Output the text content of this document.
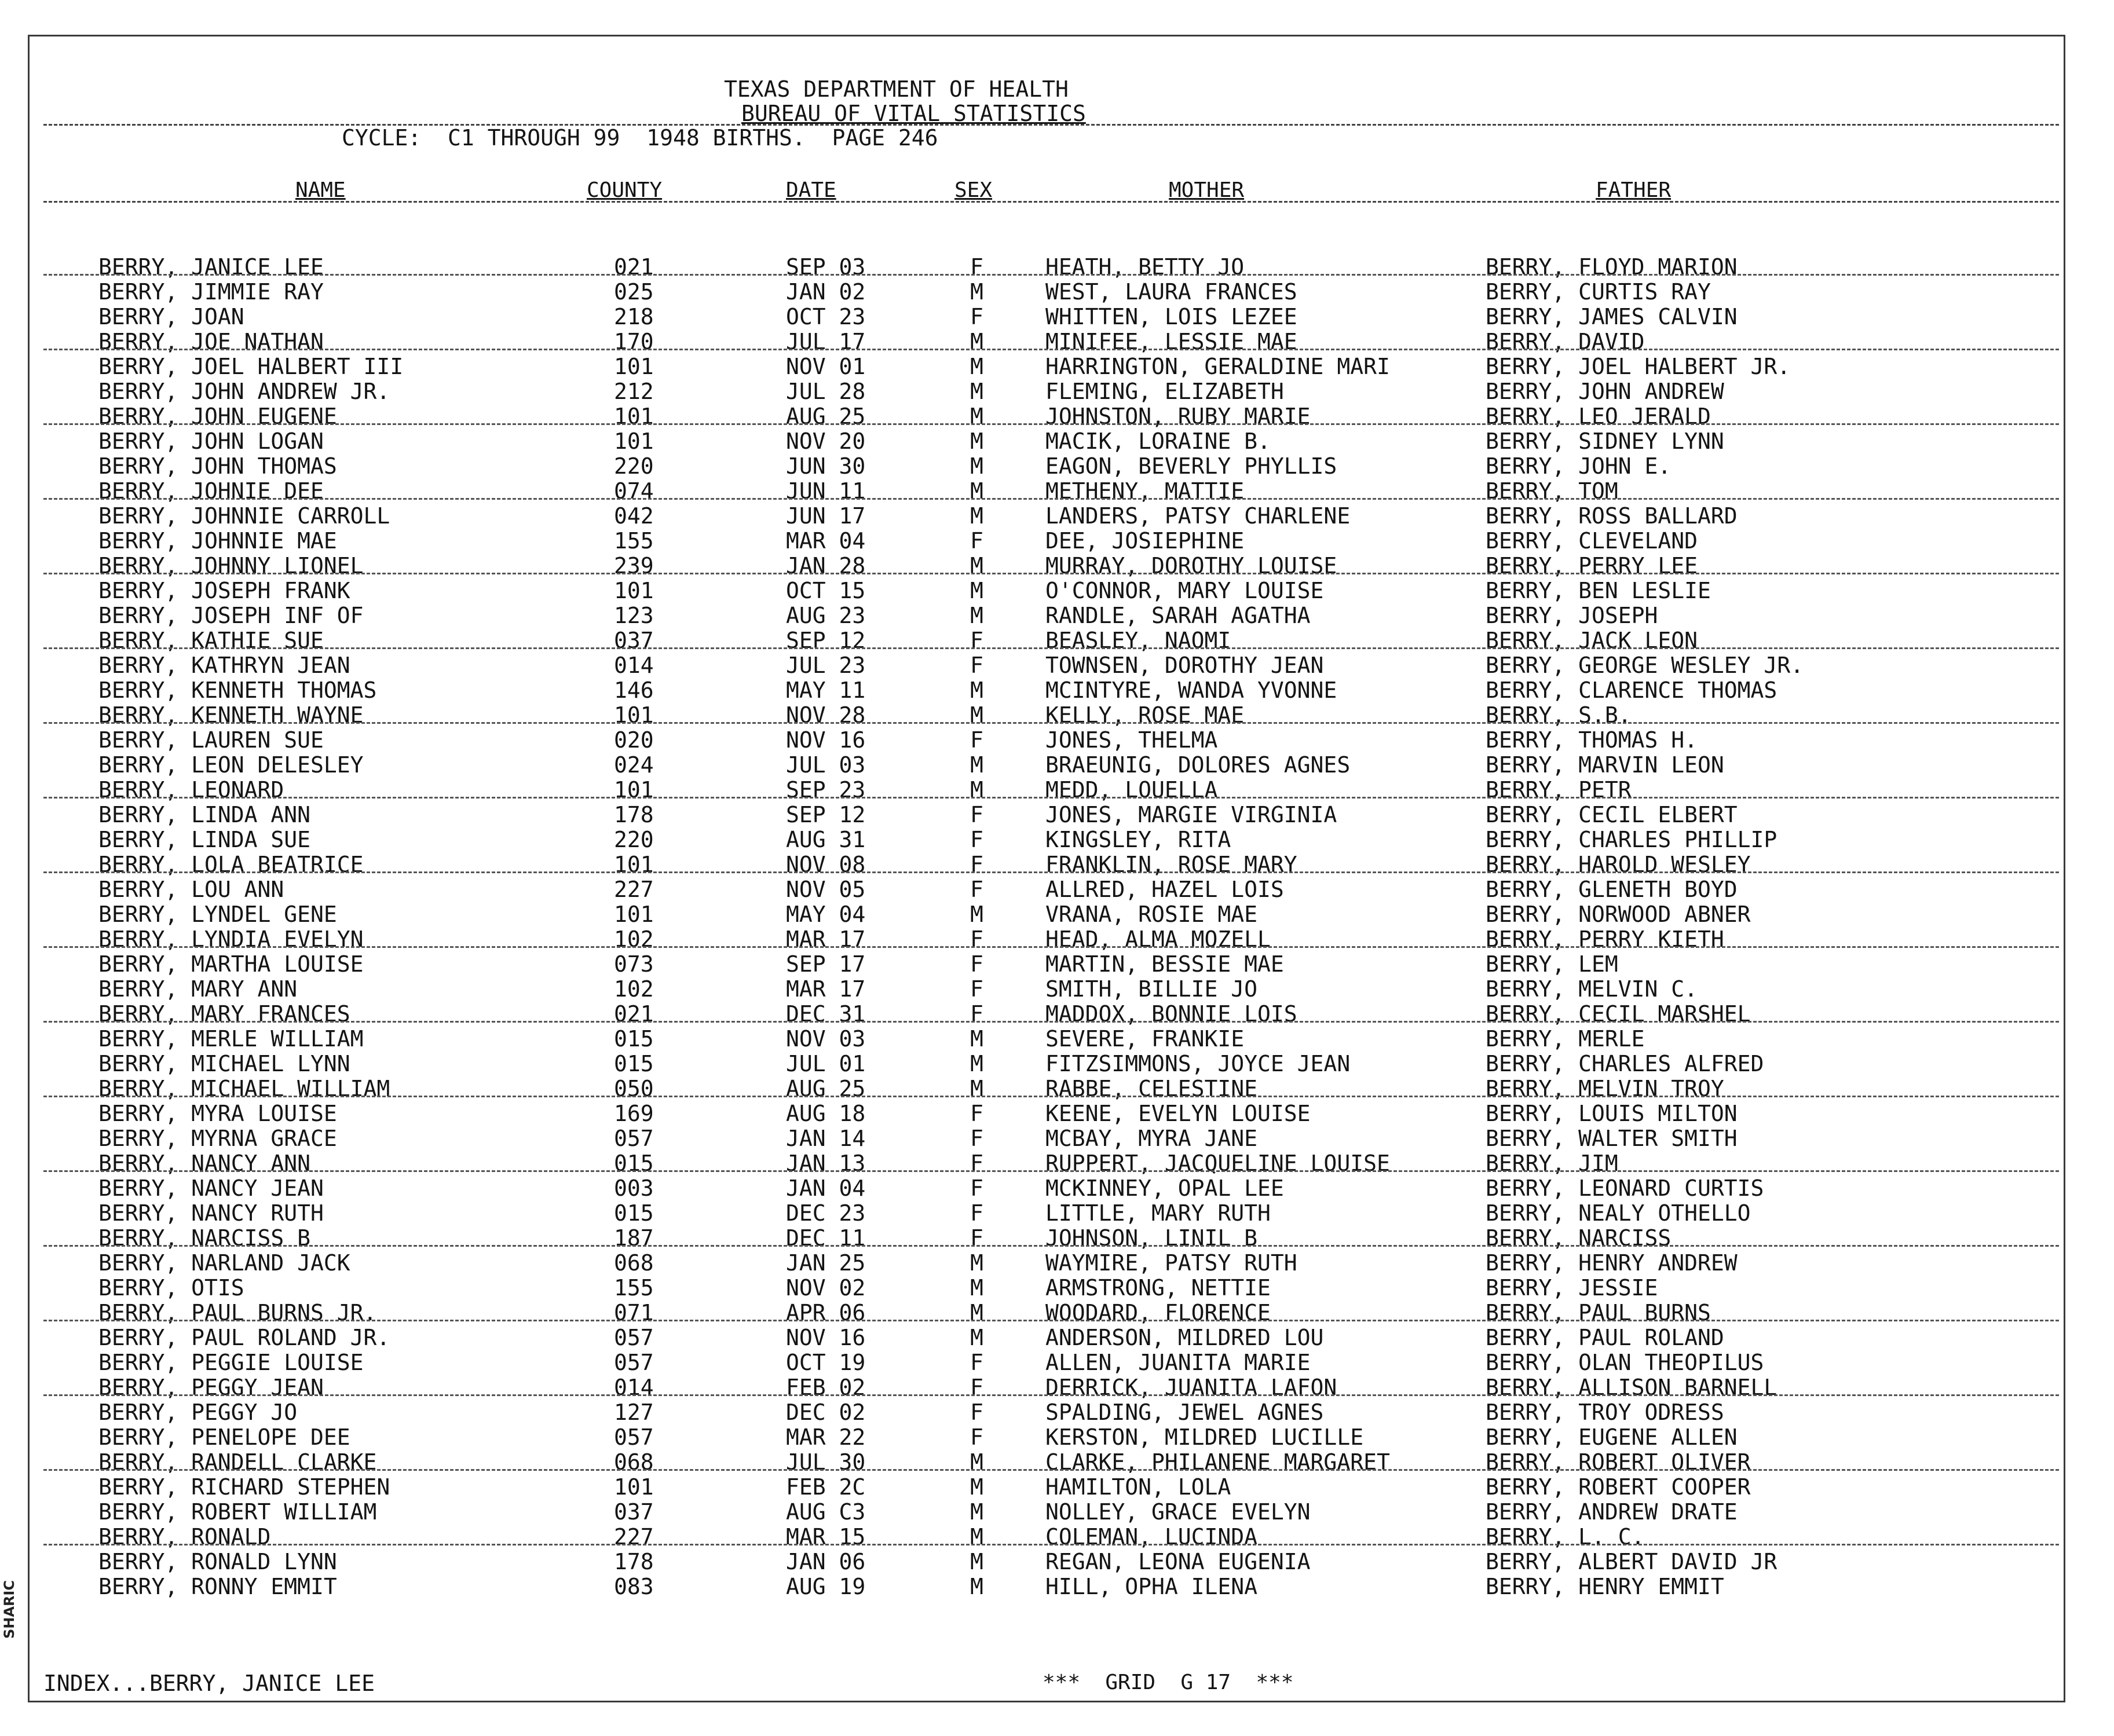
TEXAS DEPARTMENT OF HEALTH
BUREAU OF VITAL STATISTICS
CYCLE:  C1 THROUGH 99  1948 BIRTHS.  PAGE 246
NAME	COUNTY	DATE	SEX	MOTHER	FATHER
BERRY, JANICE LEE	021	SEP 03	F	HEATH, BETTY JO	BERRY, FLOYD MARION
BERRY, JIMMIE RAY	025	JAN 02	M	WEST, LAURA FRANCES	BERRY, CURTIS RAY
BERRY, JOAN	218	OCT 23	F	WHITTEN, LOIS LEZEE	BERRY, JAMES CALVIN
BERRY, JOE NATHAN	170	JUL 17	M	MINIFEE, LESSIE MAE	BERRY, DAVID
BERRY, JOEL HALBERT III	101	NOV 01	M	HARRINGTON, GERALDINE MARI	BERRY, JOEL HALBERT JR.
BERRY, JOHN ANDREW JR.	212	JUL 28	M	FLEMING, ELIZABETH	BERRY, JOHN ANDREW
BERRY, JOHN EUGENE	101	AUG 25	M	JOHNSTON, RUBY MARIE	BERRY, LEO JERALD
BERRY, JOHN LOGAN	101	NOV 20	M	MACIK, LORAINE B.	BERRY, SIDNEY LYNN
BERRY, JOHN THOMAS	220	JUN 30	M	EAGON, BEVERLY PHYLLIS	BERRY, JOHN E.
BERRY, JOHNIE DEE	074	JUN 11	M	METHENY, MATTIE	BERRY, TOM
BERRY, JOHNNIE CARROLL	042	JUN 17	M	LANDERS, PATSY CHARLENE	BERRY, ROSS BALLARD
BERRY, JOHNNIE MAE	155	MAR 04	F	DEE, JOSIEPHINE	BERRY, CLEVELAND
BERRY, JOHNNY LIONEL	239	JAN 28	M	MURRAY, DOROTHY LOUISE	BERRY, PERRY LEE
BERRY, JOSEPH FRANK	101	OCT 15	M	O'CONNOR, MARY LOUISE	BERRY, BEN LESLIE
BERRY, JOSEPH INF OF	123	AUG 23	M	RANDLE, SARAH AGATHA	BERRY, JOSEPH
BERRY, KATHIE SUE	037	SEP 12	F	BEASLEY, NAOMI	BERRY, JACK LEON
BERRY, KATHRYN JEAN	014	JUL 23	F	TOWNSEN, DOROTHY JEAN	BERRY, GEORGE WESLEY JR.
BERRY, KENNETH THOMAS	146	MAY 11	M	MCINTYRE, WANDA YVONNE	BERRY, CLARENCE THOMAS
BERRY, KENNETH WAYNE	101	NOV 28	M	KELLY, ROSE MAE	BERRY, S.B.
BERRY, LAUREN SUE	020	NOV 16	F	JONES, THELMA	BERRY, THOMAS H.
BERRY, LEON DELESLEY	024	JUL 03	M	BRAEUNIG, DOLORES AGNES	BERRY, MARVIN LEON
BERRY, LEONARD	101	SEP 23	M	MEDD, LOUELLA	BERRY, PETR
BERRY, LINDA ANN	178	SEP 12	F	JONES, MARGIE VIRGINIA	BERRY, CECIL ELBERT
BERRY, LINDA SUE	220	AUG 31	F	KINGSLEY, RITA	BERRY, CHARLES PHILLIP
BERRY, LOLA BEATRICE	101	NOV 08	F	FRANKLIN, ROSE MARY	BERRY, HAROLD WESLEY
BERRY, LOU ANN	227	NOV 05	F	ALLRED, HAZEL LOIS	BERRY, GLENETH BOYD
BERRY, LYNDEL GENE	101	MAY 04	M	VRANA, ROSIE MAE	BERRY, NORWOOD ABNER
BERRY, LYNDIA EVELYN	102	MAR 17	F	HEAD, ALMA MOZELL	BERRY, PERRY KIETH
BERRY, MARTHA LOUISE	073	SEP 17	F	MARTIN, BESSIE MAE	BERRY, LEM
BERRY, MARY ANN	102	MAR 17	F	SMITH, BILLIE JO	BERRY, MELVIN C.
BERRY, MARY FRANCES	021	DEC 31	F	MADDOX, BONNIE LOIS	BERRY, CECIL MARSHEL
BERRY, MERLE WILLIAM	015	NOV 03	M	SEVERE, FRANKIE	BERRY, MERLE
BERRY, MICHAEL LYNN	015	JUL 01	M	FITZSIMMONS, JOYCE JEAN	BERRY, CHARLES ALFRED
BERRY, MICHAEL WILLIAM	050	AUG 25	M	RABBE, CELESTINE	BERRY, MELVIN TROY
BERRY, MYRA LOUISE	169	AUG 18	F	KEENE, EVELYN LOUISE	BERRY, LOUIS MILTON
BERRY, MYRNA GRACE	057	JAN 14	F	MCBAY, MYRA JANE	BERRY, WALTER SMITH
BERRY, NANCY ANN	015	JAN 13	F	RUPPERT, JACQUELINE LOUISE	BERRY, JIM
BERRY, NANCY JEAN	003	JAN 04	F	MCKINNEY, OPAL LEE	BERRY, LEONARD CURTIS
BERRY, NANCY RUTH	015	DEC 23	F	LITTLE, MARY RUTH	BERRY, NEALY OTHELLO
BERRY, NARCISS B	187	DEC 11	F	JOHNSON, LINIL B	BERRY, NARCISS
BERRY, NARLAND JACK	068	JAN 25	M	WAYMIRE, PATSY RUTH	BERRY, HENRY ANDREW
BERRY, OTIS	155	NOV 02	M	ARMSTRONG, NETTIE	BERRY, JESSIE
BERRY, PAUL BURNS JR.	071	APR 06	M	WOODARD, FLORENCE	BERRY, PAUL BURNS
BERRY, PAUL ROLAND JR.	057	NOV 16	M	ANDERSON, MILDRED LOU	BERRY, PAUL ROLAND
BERRY, PEGGIE LOUISE	057	OCT 19	F	ALLEN, JUANITA MARIE	BERRY, OLAN THEOPILUS
BERRY, PEGGY JEAN	014	FEB 02	F	DERRICK, JUANITA LAFON	BERRY, ALLISON BARNELL
BERRY, PEGGY JO	127	DEC 02	F	SPALDING, JEWEL AGNES	BERRY, TROY ODRESS
BERRY, PENELOPE DEE	057	MAR 22	F	KERSTON, MILDRED LUCILLE	BERRY, EUGENE ALLEN
BERRY, RANDELL CLARKE	068	JUL 30	M	CLARKE, PHILANENE MARGARET	BERRY, ROBERT OLIVER
BERRY, RICHARD STEPHEN	101	FEB 2C	M	HAMILTON, LOLA	BERRY, ROBERT COOPER
BERRY, ROBERT WILLIAM	037	AUG C3	M	NOLLEY, GRACE EVELYN	BERRY, ANDREW DRATE
BERRY, RONALD	227	MAR 15	M	COLEMAN, LUCINDA	BERRY, L. C.
BERRY, RONALD LYNN	178	JAN 06	M	REGAN, LEONA EUGENIA	BERRY, ALBERT DAVID JR
BERRY, RONNY EMMIT	083	AUG 19	M	HILL, OPHA ILENA	BERRY, HENRY EMMIT
INDEX...BERRY, JANICE LEE	***  GRID  G 17  ***
SHARIC
